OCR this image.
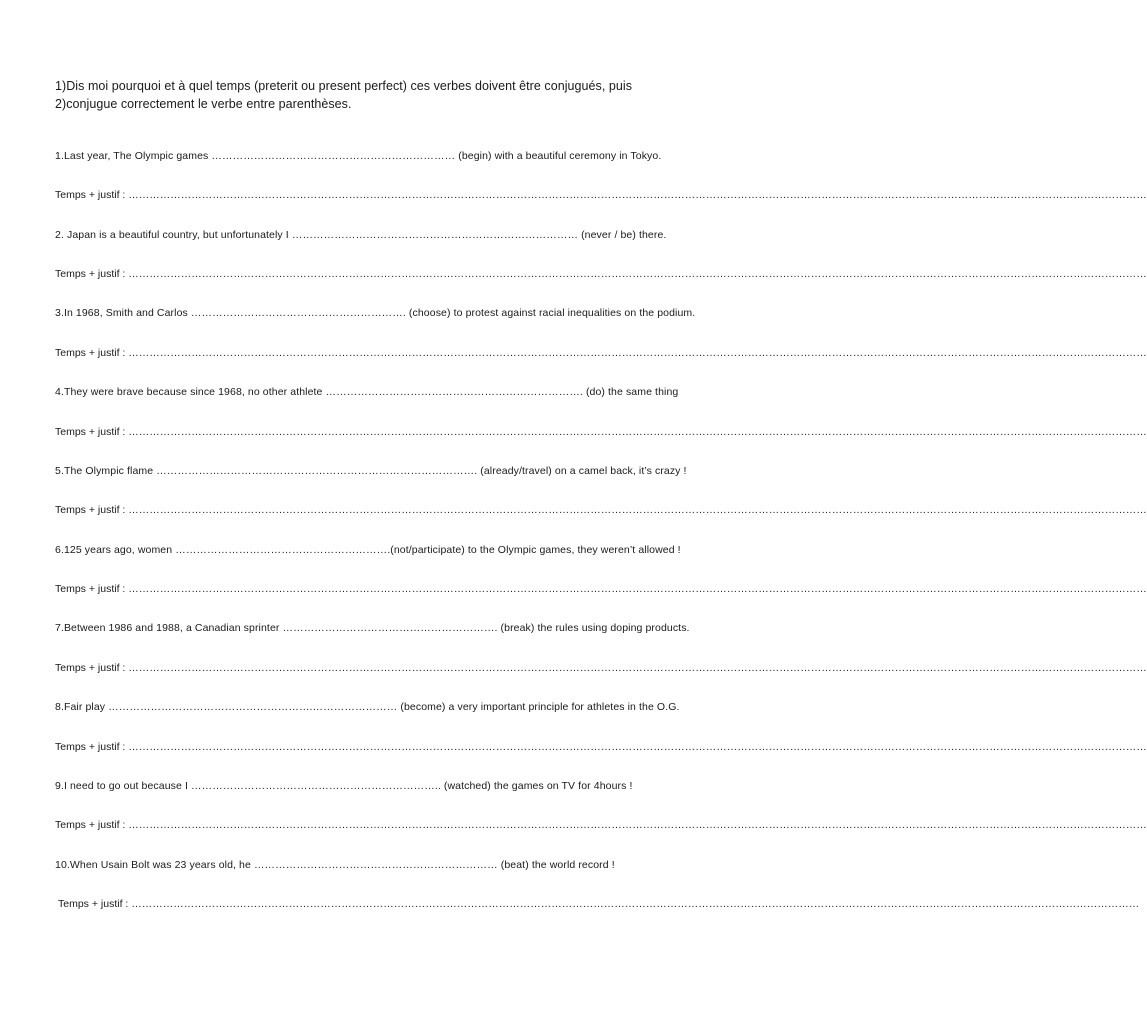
1)Dis moi pourquoi et à quel temps (preterit ou present perfect) ces verbes doivent être conjugués, puis
2)conjugue correctement le verbe entre parenthèses.
1.Last year, The Olympic games …………………………………………………………… (begin) with a beautiful ceremony in Tokyo.
Temps + justif : …………………………………………………………………………………………………………………………………………………………………………………………………………………………………………………………………
2. Japan is a beautiful country, but unfortunately I ……………………………………………………………………… (never / be) there.
Temps + justif : …………………………………………………………………………………………………………………………………………………………………………………………………………………………………………………………………
3.In 1968, Smith and Carlos ……………………………………………………. (choose) to protest against racial inequalities on the podium.
Temps + justif : …………………………………………………………………………………………………………………………………………………………………………………………………………………………………………………………………
4.They were brave because since 1968, no other athlete ………………………………………………………………. (do) the same thing
Temps + justif : …………………………………………………………………………………………………………………………………………………………………………………………………………………………………………………………………
5.The Olympic flame ………………………………………………………………………………. (already/travel) on a camel back, it’s crazy !
Temps + justif : …………………………………………………………………………………………………………………………………………………………………………………………………………………………………………………………………
6.125 years ago, women …………………………………………………….(not/participate) to the Olympic games, they weren’t allowed !
Temps + justif : …………………………………………………………………………………………………………………………………………………………………………………………………………………………………………………………………
7.Between 1986 and 1988, a Canadian sprinter ……………………………………………………. (break) the rules using doping products.
Temps + justif : …………………………………………………………………………………………………………………………………………………………………………………………………………………………………………………………………
8.Fair play ………………………………………………….…………………… (become) a very important principle for athletes in the O.G.
Temps + justif : …………………………………………………………………………………………………………………………………………………………………………………………………………………………………………………………………
9.I need to go out because I …………………………………………………………….. (watched) the games on TV for 4hours !
Temps + justif : …………………………………………………………………………………………………………………………………………………………………………………………………………………………………………………………………
10.When Usain Bolt was 23 years old, he …………………………………………………………… (beat) the world record !
Temps + justif : ………………………………………………………………………………………………………………………………………………………………………………………………………………………………………………………………
